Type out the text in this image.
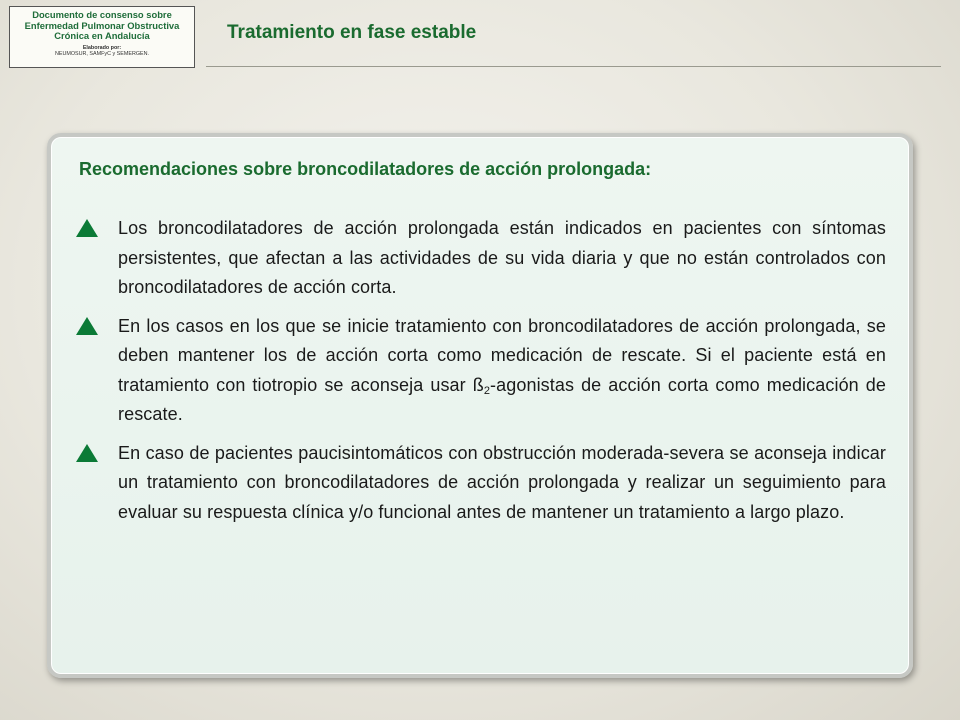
Documento de consenso sobre
Enfermedad Pulmonar Obstructiva
Crónica en Andalucía
Elaborado por:
NEUMOSUR, SAMFyC y SEMERGEN.
Tratamiento en fase estable
Recomendaciones sobre broncodilatadores de acción prolongada:
Los broncodilatadores de acción prolongada están indicados en pacientes con síntomas persistentes, que afectan a las actividades de su vida diaria y que no están controlados con broncodilatadores de acción corta.
En los casos en los que se inicie tratamiento con broncodilatadores de acción prolongada, se deben mantener los de acción corta como medicación de rescate. Si el paciente está en tratamiento con tiotropio se aconseja usar $ß_2$-agonistas de acción corta como medicación de rescate.
En caso de pacientes paucisintomáticos con obstrucción moderada-severa se aconseja indicar un tratamiento con broncodilatadores de acción prolongada y realizar un seguimiento para evaluar su respuesta clínica y/o funcional antes de mantener un tratamiento a largo plazo.
